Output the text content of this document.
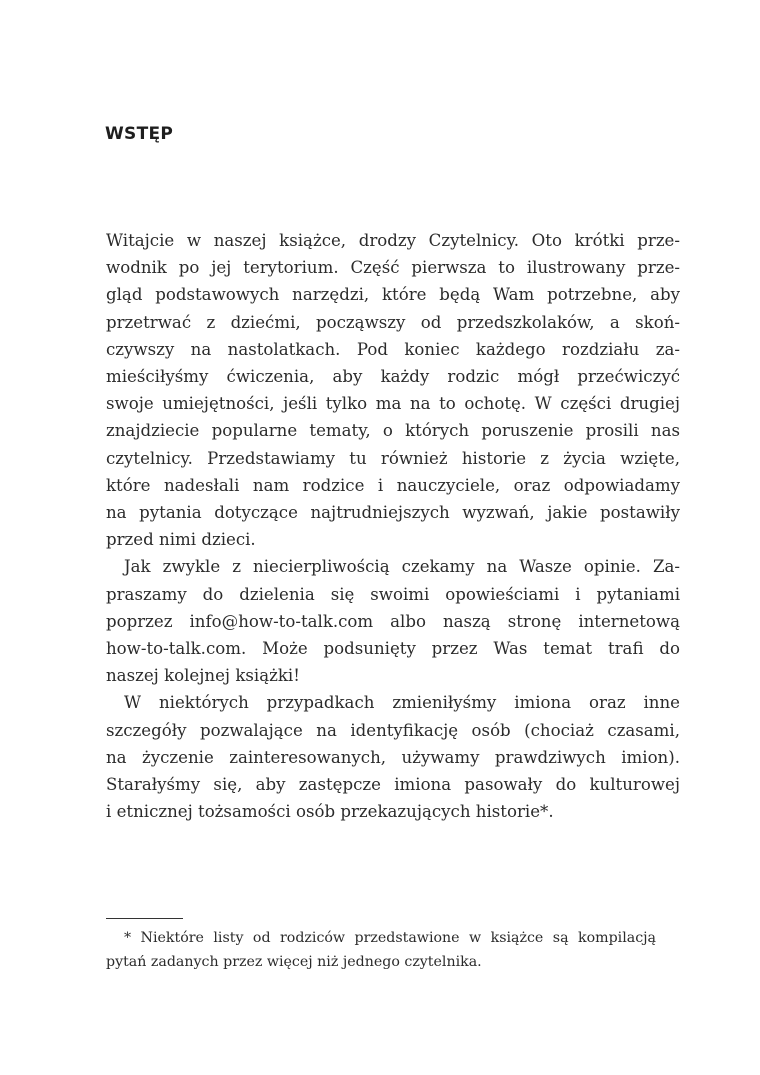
WSTĘP
Witajcie w naszej książce, drodzy Czytelnicy. Oto krótki prze-
wodnik po jej terytorium. Część pierwsza to ilustrowany prze-
gląd podstawowych narzędzi, które będą Wam potrzebne, aby
przetrwać z dziećmi, począwszy od przedszkolaków, a skoń-
czywszy na nastolatkach. Pod koniec każdego rozdziału za-
mieściłyśmy ćwiczenia, aby każdy rodzic mógł przećwiczyć
swoje umiejętności, jeśli tylko ma na to ochotę. W części drugiej
znajdziecie popularne tematy, o których poruszenie prosili nas
czytelnicy. Przedstawiamy tu również historie z życia wzięte,
które nadesłali nam rodzice i nauczyciele, oraz odpowiadamy
na pytania dotyczące najtrudniejszych wyzwań, jakie postawiły
przed nimi dzieci.
Jak zwykle z niecierpliwością czekamy na Wasze opinie. Za-
praszamy do dzielenia się swoimi opowieściami i pytaniami
poprzez info@how-to-talk.com albo naszą stronę internetową
how-to-talk.com. Może podsunięty przez Was temat trafi do
naszej kolejnej książki!
W niektórych przypadkach zmieniłyśmy imiona oraz inne
szczegóły pozwalające na identyfikację osób (chociaż czasami,
na życzenie zainteresowanych, używamy prawdziwych imion).
Starałyśmy się, aby zastępcze imiona pasowały do kulturowej
i etnicznej tożsamości osób przekazujących historie*.
* Niektóre listy od rodziców przedstawione w książce są kompilacją
pytań zadanych przez więcej niż jednego czytelnika.
